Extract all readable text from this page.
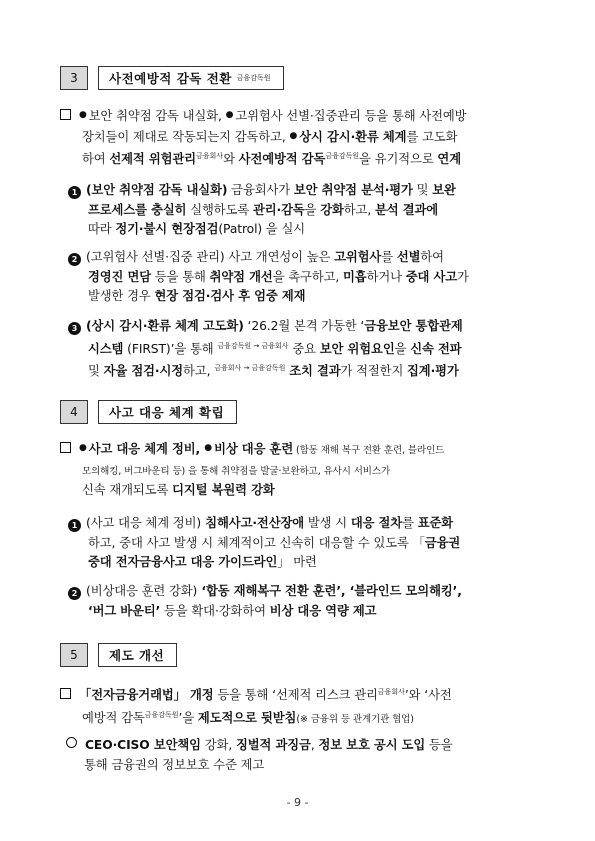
3	사전예방적 감독 전환
금융감독원
● 보안 취약점 감독 내실화, ● 고위험사 선별·집중관리 등을 통해 사전예방
장치들이 제대로 작동되는지 감독하고, ● 상시 감시·환류 체계를 고도화
하여 선제적 위험관리$^{금융회사}$와 사전예방적 감독$^{금융감독원}$을 유기적으로 연계
1 (보안 취약점 감독 내실화) 금융회사가 보안 취약점 분석·평가 및 보완
프로세스를 충실히 실행하도록 관리·감독을 강화하고, 분석 결과에
따라 정기·불시 현장점검(Patrol) 을 실시
2 (고위험사 선별·집중 관리) 사고 개연성이 높은 고위험사를 선별하여
경영진 면담 등을 통해 취약점 개선을 촉구하고, 미흡하거나 중대 사고가
발생한 경우 현장 점검·검사 후 엄중 제재
3 (상시 감시·환류 체계 고도화) ‘26.2월 본격 가동한 ‘금융보안 통합관제
시스템 (FIRST)’을 통해 $^{금융감독원 \to 금융회사}$ 중요 보안 위험요인을 신속 전파
및 자율 점검·시정하고, $^{금융회사 \to 금융감독원}$ 조치 결과가 적절한지 집계·평가
4	사고 대응 체계 확립
● 사고 대응 체계 정비, ● 비상 대응 훈련 (합동 재해 복구 전환 훈련, 블라인드
모의해킹, 버그바운티 등) 을 통해 취약점을 발굴·보완하고, 유사시 서비스가
신속 재개되도록 디지털 복원력 강화
1 (사고 대응 체계 정비) 침해사고·전산장애 발생 시 대응 절차를 표준화
하고, 중대 사고 발생 시 체계적이고 신속히 대응할 수 있도록 「금융권
중대 전자금융사고 대응 가이드라인」 마련
2 (비상대응 훈련 강화) ‘합동 재해복구 전환 훈련’, ‘블라인드 모의해킹’,
‘버그 바운티’ 등을 확대·강화하여 비상 대응 역량 제고
5	제도 개선
「전자금융거래법」 개정 등을 통해 ‘선제적 리스크 관리$^{금융회사}$’와 ‘사전
예방적 감독$^{금융감독원}$’을 제도적으로 뒷받침(※ 금융위 등 관계기관 협업)
CEO·CISO 보안책임 강화, 징벌적 과징금, 정보 보호 공시 도입 등을
통해 금융권의 정보보호 수준 제고
- 9 -
